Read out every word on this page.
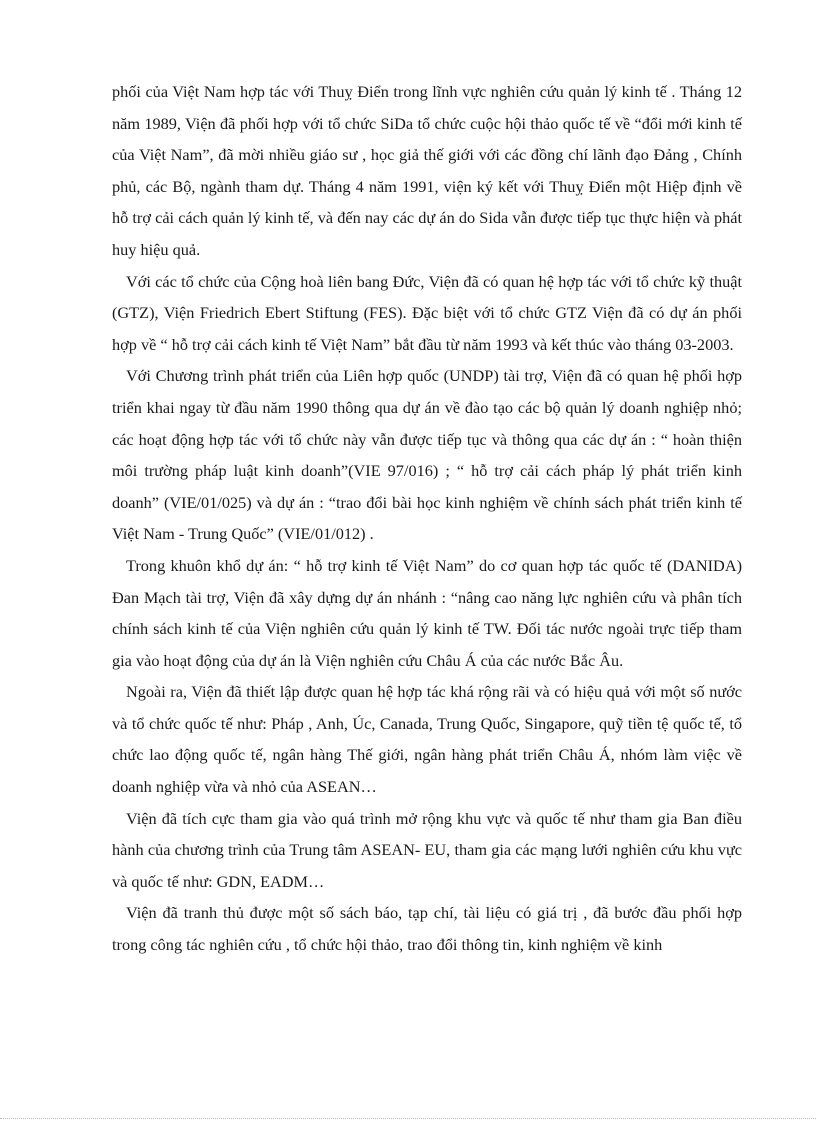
phối của Việt Nam hợp tác với Thuỵ Điển trong lĩnh vực nghiên cứu quản lý kinh tế . Tháng 12 năm 1989, Viện đã phối hợp với tổ chức SiDa tổ chức cuộc hội thảo quốc tế về “đổi mới kinh tế của Việt Nam”, đã mời nhiều giáo sư , học giả thế giới với các đồng chí lãnh đạo Đảng , Chính phủ, các Bộ, ngành tham dự. Tháng 4 năm 1991, viện ký kết với Thuỵ Điển một Hiệp định về hỗ trợ cải cách quản lý kinh tế, và đến nay các dự án do Sida vẫn được tiếp tục thực hiện và phát huy hiệu quả.

Với các tổ chức của Cộng hoà liên bang Đức, Viện đã có quan hệ hợp tác với tổ chức kỹ thuật (GTZ), Viện Friedrich Ebert Stiftung (FES). Đặc biệt với tổ chức GTZ Viện đã có dự án phối hợp về “ hỗ trợ cải cách kinh tế Việt Nam” bắt đầu từ năm 1993 và kết thúc vào tháng 03-2003.

Với Chương trình phát triển của Liên hợp quốc (UNDP) tài trợ, Viện đã có quan hệ phối hợp triển khai ngay từ đầu năm 1990 thông qua dự án về đào tạo các bộ quản lý doanh nghiệp nhỏ; các hoạt động hợp tác với tổ chức này vẫn được tiếp tục và thông qua các dự án : “ hoàn thiện môi trường pháp luật kinh doanh”(VIE 97/016) ; “ hỗ trợ cải cách pháp lý phát triển kinh doanh” (VIE/01/025) và dự án : “trao đổi bài học kinh nghiệm về chính sách phát triển kinh tế Việt Nam - Trung Quốc” (VIE/01/012) .

Trong khuôn khổ dự án: “ hỗ trợ kinh tế Việt Nam” do cơ quan hợp tác quốc tế (DANIDA) Đan Mạch tài trợ, Viện đã xây dựng dự án nhánh : “nâng cao năng lực nghiên cứu và phân tích chính sách kinh tế của Viện nghiên cứu quản lý kinh tế TW. Đối tác nước ngoài trực tiếp tham gia vào hoạt động của dự án là Viện nghiên cứu Châu Á của các nước Bắc Âu.

Ngoài ra, Viện đã thiết lập được quan hệ hợp tác khá rộng rãi và có hiệu quả với một số nước và tổ chức quốc tế như: Pháp , Anh, Úc, Canada, Trung Quốc, Singapore, quỹ tiền tệ quốc tế, tổ chức lao động quốc tế, ngân hàng Thế giới, ngân hàng phát triển Châu Á, nhóm làm việc về doanh nghiệp vừa và nhỏ của ASEAN…

Viện đã tích cực tham gia vào quá trình mở rộng khu vực và quốc tế như tham gia Ban điều hành của chương trình của Trung tâm ASEAN- EU, tham gia các mạng lưới nghiên cứu khu vực và quốc tế như: GDN, EADM…

Viện đã tranh thủ được một số sách báo, tạp chí, tài liệu có giá trị , đã bước đầu phối hợp trong công tác nghiên cứu , tổ chức hội thảo, trao đổi thông tin, kinh nghiệm về kinh
